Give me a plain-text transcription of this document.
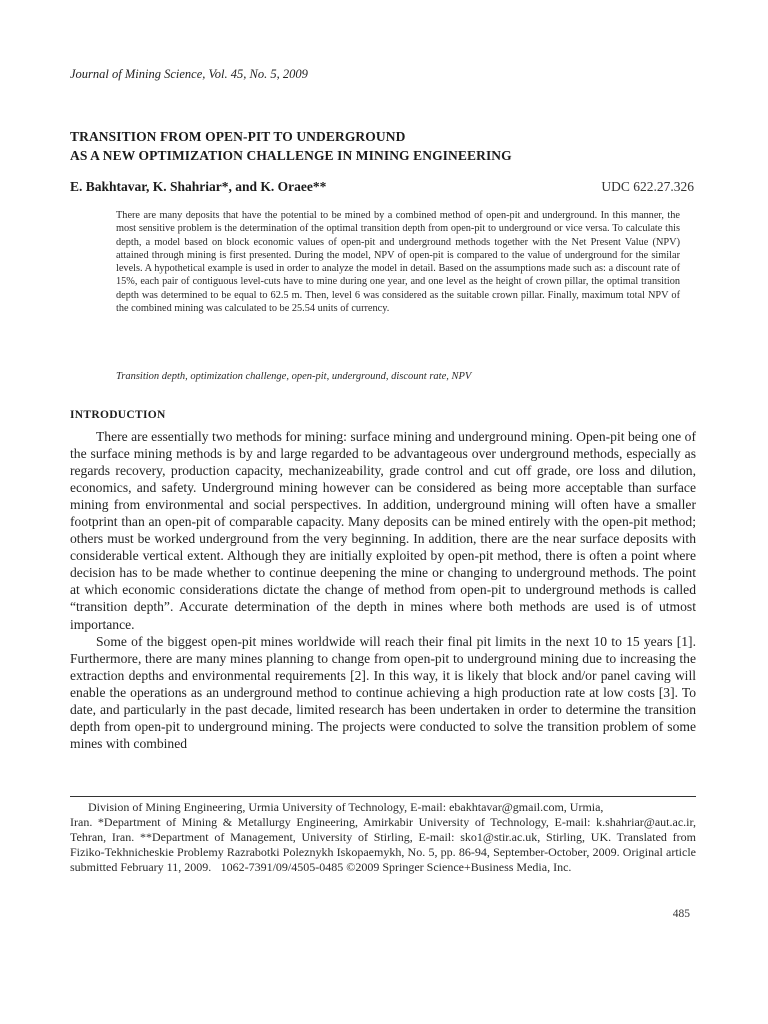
Journal of Mining Science, Vol. 45, No. 5, 2009
TRANSITION FROM OPEN-PIT TO UNDERGROUND
AS A NEW OPTIMIZATION CHALLENGE IN MINING ENGINEERING
E. Bakhtavar, K. Shahriar*, and K. Oraee**	UDC 622.27.326

There are many deposits that have the potential to be mined by a combined method of open-pit and underground. In this manner, the most sensitive problem is the determination of the optimal transition depth from open-pit to underground or vice versa. To calculate this depth, a model based on block economic values of open-pit and underground methods together with the Net Present Value (NPV) attained through mining is first presented. During the model, NPV of open-pit is compared to the value of underground for the similar levels. A hypothetical example is used in order to analyze the model in detail. Based on the assumptions made such as: a discount rate of 15%, each pair of contiguous level-cuts have to mine during one year, and one level as the height of crown pillar, the optimal transition depth was determined to be equal to 62.5 m. Then, level 6 was considered as the suitable crown pillar. Finally, maximum total NPV of the combined mining was calculated to be 25.54 units of currency.

Transition depth, optimization challenge, open-pit, underground, discount rate, NPV
INTRODUCTION

There are essentially two methods for mining: surface mining and underground mining. Open-pit being one of the surface mining methods is by and large regarded to be advantageous over underground methods, especially as regards recovery, production capacity, mechanizeability, grade control and cut off grade, ore loss and dilution, economics, and safety. Underground mining however can be considered as being more acceptable than surface mining from environmental and social perspectives. In addition, underground mining will often have a smaller footprint than an open-pit of comparable capacity. Many deposits can be mined entirely with the open-pit method; others must be worked underground from the very beginning. In addition, there are the near surface deposits with considerable vertical extent. Although they are initially exploited by open-pit method, there is often a point where decision has to be made whether to continue deepening the mine or changing to underground methods. The point at which economic considerations dictate the change of method from open-pit to underground methods is called “transition depth”. Accurate determination of the depth in mines where both methods are used is of utmost importance.

Some of the biggest open-pit mines worldwide will reach their final pit limits in the next 10 to 15 years [1]. Furthermore, there are many mines planning to change from open-pit to underground mining due to increasing the extraction depths and environmental requirements [2]. In this way, it is likely that block and/or panel caving will enable the operations as an underground method to continue achieving a high production rate at low costs [3]. To date, and particularly in the past decade, limited research has been undertaken in order to determine the transition depth from open-pit to underground mining. The projects were conducted to solve the transition problem of some mines with combined

Division of Mining Engineering, Urmia University of Technology, E-mail: ebakhtavar@gmail.com, Urmia,

Iran. *Department of Mining & Metallurgy Engineering, Amirkabir University of Technology, E-mail: k.shahriar@aut.ac.ir, Tehran, Iran. **Department of Management, University of Stirling, E-mail: sko1@stir.ac.uk, Stirling, UK. Translated from Fiziko-Tekhnicheskie Problemy Razrabotki Poleznykh Iskopaemykh, No. 5, pp. 86-94, September-October, 2009. Original article submitted February 11, 2009. 1062-7391/09/4505-0485 ©2009 Springer Science+Business Media, Inc.
485
